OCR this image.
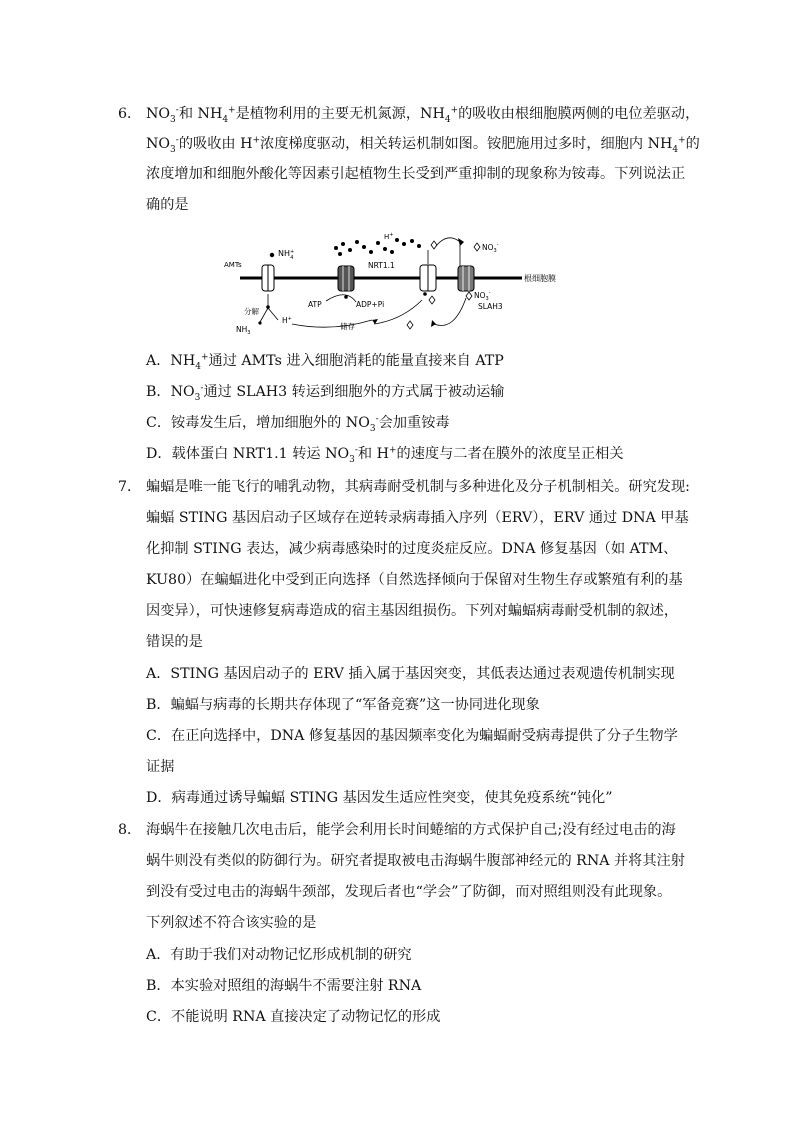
6． $NO_3^-$和 $NH_4^+$是植物利用的主要无机氮源，$NH_4^+$的吸收由根细胞膜两侧的电位差驱动，
$NO_3^-$的吸收由 H+浓度梯度驱动，相关转运机制如图。铵肥施用过多时，细胞内 $NH_4^+$的
浓度增加和细胞外酸化等因素引起植物生长受到严重抑制的现象称为铵毒。下列说法正
确的是
根细胞膜
AMTs
NH+ 4
分解
$NH_3$
H+
ATP	ADP+Pi
H+
NRT1.1
储存
$NO_3^-$
SLAH3
$NO_3^-$
A．$NH_4^+$通过 AMTs 进入细胞消耗的能量直接来自 ATP
B．$NO_3^-$通过 SLAH3 转运到细胞外的方式属于被动运输
C．铵毒发生后，增加细胞外的 $NO_3^-$会加重铵毒
D．载体蛋白 NRT1.1 转运 $NO_3^-$和 H+的速度与二者在膜外的浓度呈正相关
7． 蝙蝠是唯一能飞行的哺乳动物，其病毒耐受机制与多种进化及分子机制相关。研究发现:
蝙蝠 STING 基因启动子区域存在逆转录病毒插入序列（ERV），ERV 通过 DNA 甲基
化抑制 STING 表达，减少病毒感染时的过度炎症反应。DNA 修复基因（如 ATM、
KU80）在蝙蝠进化中受到正向选择（自然选择倾向于保留对生物生存或繁殖有利的基
因变异），可快速修复病毒造成的宿主基因组损伤。下列对蝙蝠病毒耐受机制的叙述，
错误的是
A．STING 基因启动子的 ERV 插入属于基因突变，其低表达通过表观遗传机制实现
B．蝙蝠与病毒的长期共存体现了“军备竞赛”这一协同进化现象
C．在正向选择中，DNA 修复基因的基因频率变化为蝙蝠耐受病毒提供了分子生物学
证据
D．病毒通过诱导蝙蝠 STING 基因发生适应性突变，使其免疫系统“钝化”
8． 海蜗牛在接触几次电击后，能学会利用长时间蜷缩的方式保护自己;没有经过电击的海
蜗牛则没有类似的防御行为。研究者提取被电击海蜗牛腹部神经元的 RNA 并将其注射
到没有受过电击的海蜗牛颈部，发现后者也“学会”了防御，而对照组则没有此现象。
下列叙述不符合该实验的是
A．有助于我们对动物记忆形成机制的研究
B．本实验对照组的海蜗牛不需要注射 RNA
C．不能说明 RNA 直接决定了动物记忆的形成
